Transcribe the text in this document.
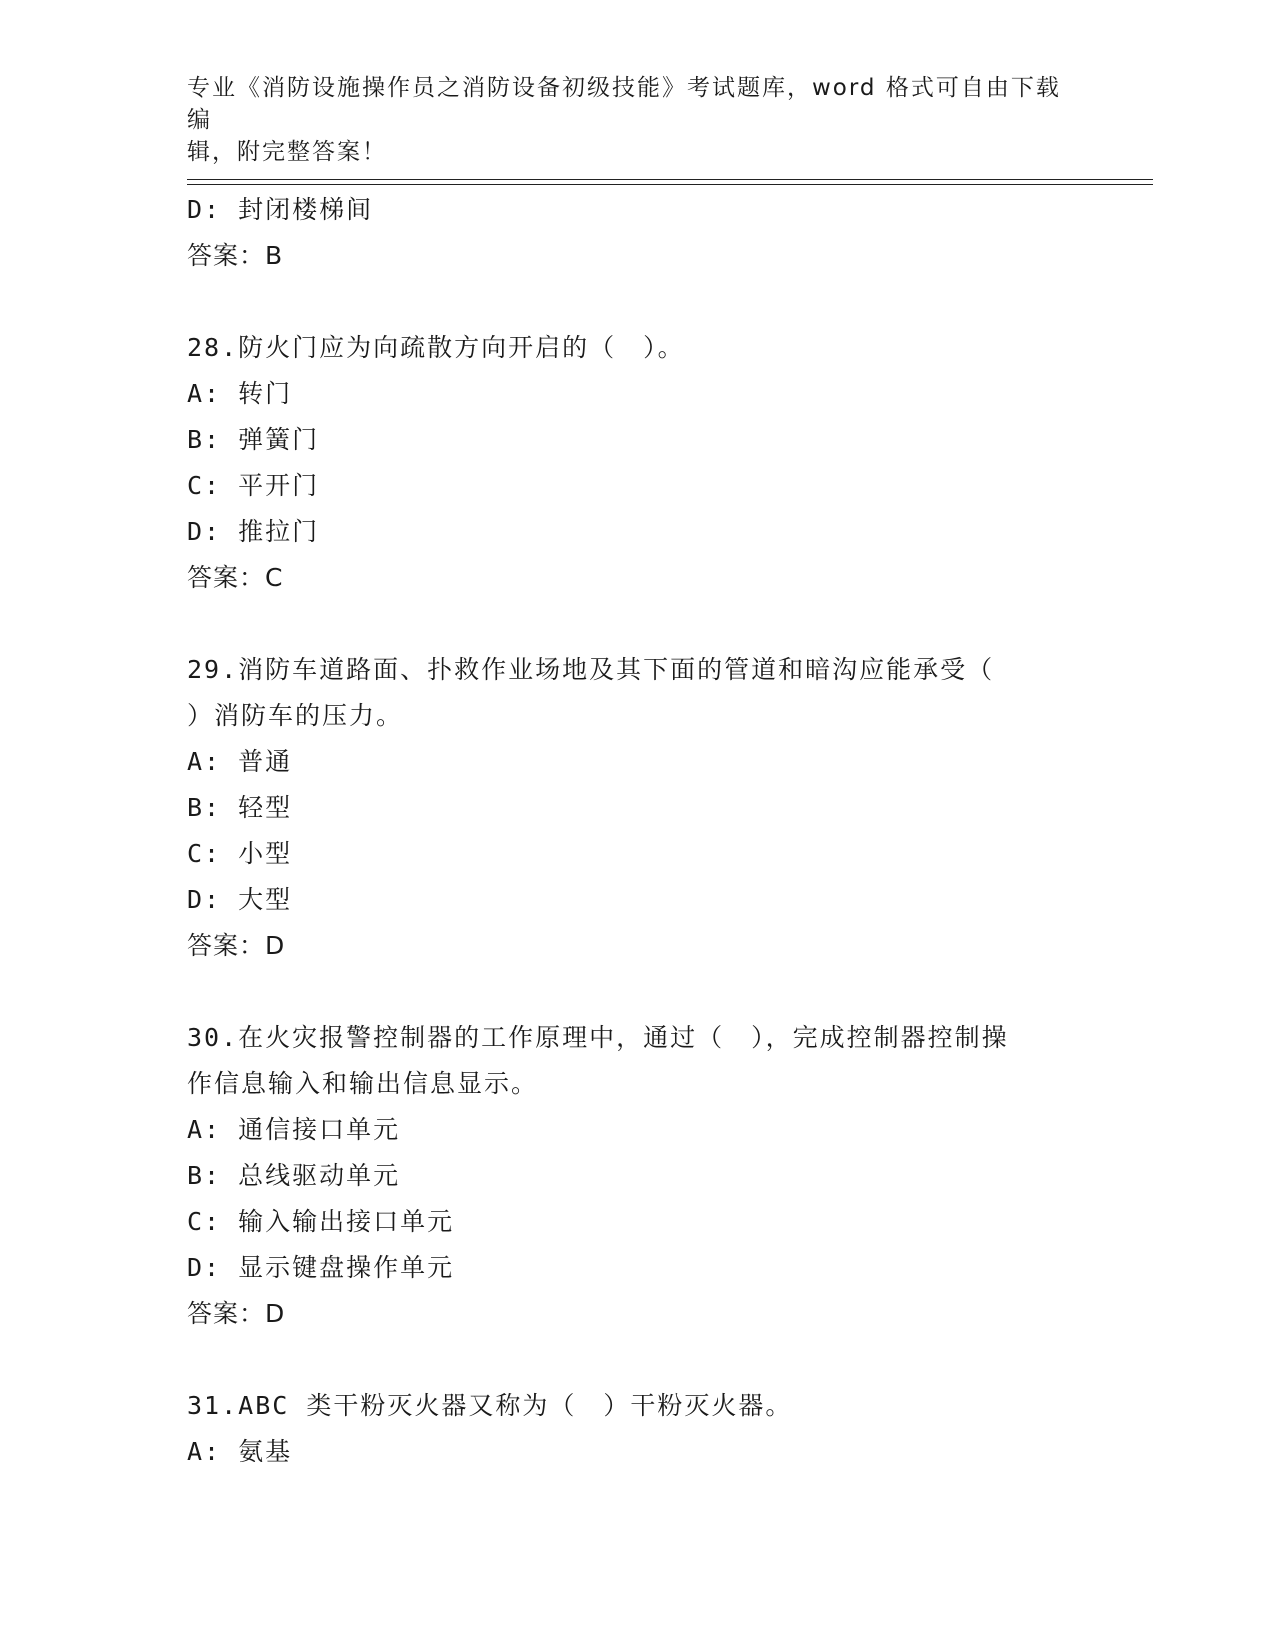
专业《消防设施操作员之消防设备初级技能》考试题库，word 格式可自由下载编
辑，附完整答案！
D: 封闭楼梯间
答案：B
28.防火门应为向疏散方向开启的（　）。
A: 转门
B: 弹簧门
C: 平开门
D: 推拉门
答案：C
29.消防车道路面、扑救作业场地及其下面的管道和暗沟应能承受（
）消防车的压力。
A: 普通
B: 轻型
C: 小型
D: 大型
答案：D
30.在火灾报警控制器的工作原理中，通过（　），完成控制器控制操
作信息输入和输出信息显示。
A: 通信接口单元
B: 总线驱动单元
C: 输入输出接口单元
D: 显示键盘操作单元
答案：D
31.ABC 类干粉灭火器又称为（　）干粉灭火器。
A: 氨基
